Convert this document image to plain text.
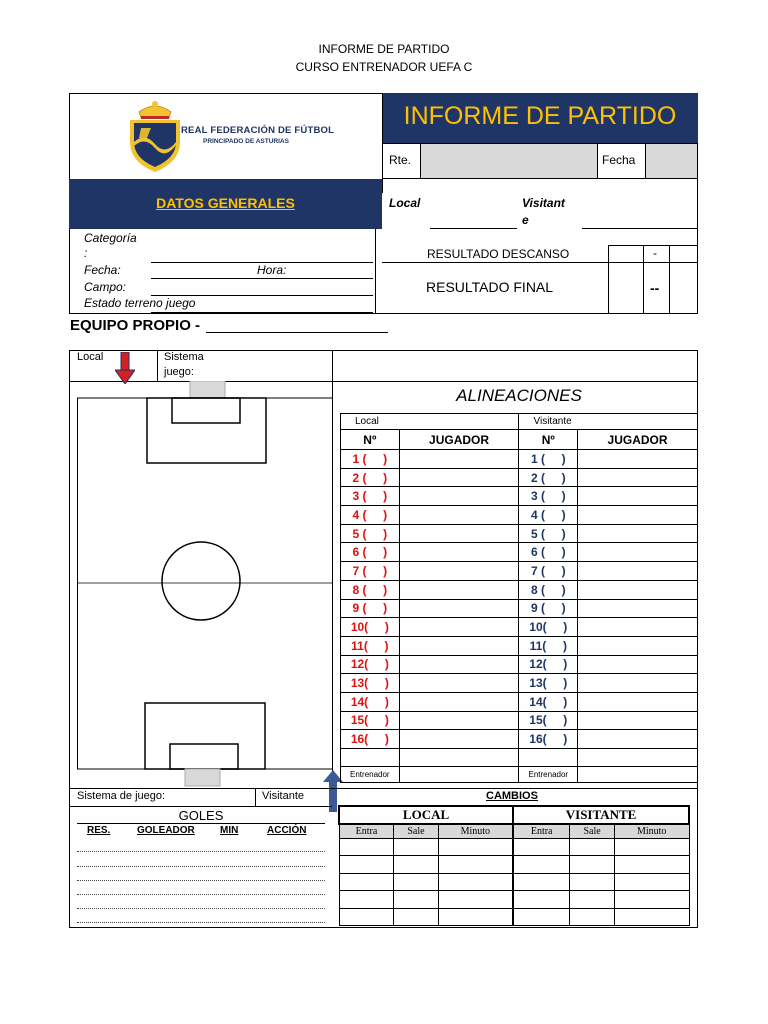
INFORME DE PARTIDO
CURSO ENTRENADOR UEFA C
REAL FEDERACIÓN DE FÚTBOL
PRINCIPADO DE ASTURIAS
INFORME DE PARTIDO
Rte.	Fecha
DATOS GENERALES	Local	Visitant
e
Categoría
:
Fecha:	Hora:
Campo:
Estado terreno juego
RESULTADO DESCANSO	-
RESULTADO FINAL	--
EQUIPO PROPIO -
Local	Sistema
juego:
ALINEACIONES
Local		Visitante	
Nº	JUGADOR	Nº	JUGADOR
1 (     )		1 (     )	
2 (     )		2 (     )	
3 (     )		3 (     )	
4 (     )		4 (     )	
5 (     )		5 (     )	
6 (     )		6 (     )	
7 (     )		7 (     )	
8 (     )		8 (     )	
9 (     )		9 (     )	
10(     )		10(     )	
11(     )		11(     )	
12(     )		12(     )	
13(     )		13(     )	
14(     )		14(     )	
15(     )		15(     )	
16(     )		16(     )	

Entrenador		Entrenador	
Sistema de juego:	Visitante
GOLES
RES.	GOLEADOR	MIN	ACCIÓN
CAMBIOS
LOCAL			VISITANTE		
Entra	Sale	Minuto	Entra	Sale	Minuto
